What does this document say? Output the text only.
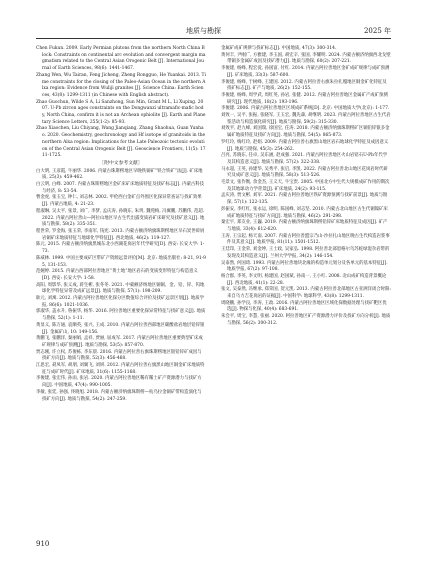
地质与勘探	2025 年

Chen Fukun. 2009. Early Permian plutons from the northern North China Block: Constraints on continental arc evolution and convergent margin magmatism related to the Central Asian Orogenic Belt [J]. International Journal of Earth Sciences, 98(6): 1441-1467.

Zhang Wen, Wu Tairan, Feng Jicheng, Zheng Rongguo, He Yuankai. 2013. Time constraints for the closing of the Paleo-Asian Ocean in the northern Alxa region: Evidence from Wuliji granites [J]. Science China: Earth Sciences, 43(8): 1299-1311 (in Chinese with English abstract).

Zhao Guochun, Wilde S A, Li Sanzhong, Sun Min, Grant M L, Li Xuping. 2007. U-Pb zircon ages constraints on the Dongwanzi ultramafic-mafic body, North China, confirm it is not an Archean ophiolite [J]. Earth and Planetary Science Letters, 255(1-2): 85-93.

Zhao Xiaochen, Liu Chiyang, Wang Jianqiang, Zhang Shaohua, Guan Yunhao. 2020. Geochemistry, geochronology and Hf isotope of granitoids in the northern Alxa region: Implications for the Late Paleozoic tectonic evolution of the Central Asian Orogenic Belt [J]. Geoscience Frontiers, 11(5): 1711-1725.

［附中文参考文献］

白大明, 王彦霞, 牛丽华. 2006. 内蒙古珠斯楞地区早晚铁铜矿“铁合铁矿”法[J]. 矿床地质, 25(3): 459-462.

白云明, 白峰. 2007. 内蒙古珠斯楞地区金矿床矿床地质特征及找矿标志[J]. 内蒙古科技与经济, 8: 53-54.

曹金虎, 张玉宝, 钟仁, 刘志林. 2002. 甲伦西白金矿点外围区化探异常查证与找矿效果[J]. 内蒙古地质, 4: 21-23.

程淑琳, 吴太平, 张景, 刘广, 李梦, 孟庆涛, 孙晓东, 朱玥, 魏苑梅, 冯翼鹏, 苏鹏伟, 范超. 2022. 内蒙古阿拉善山—阿拉山地区早古生代出露变质岩矿床研究及找矿意义[J]. 地质与勘探, 58(2): 335-351.

程世荣, 罗金海, 张玉荣, 李南军, 钱宪. 2013. 内蒙古额济纳旗珠斯楞地区早石炭世碎屑岩铜矿床地质特征与地球化学特征[J]. 西北地质, 46(2): 119-127.

陈元, 2015. 内蒙古额济纳旗黑城东北小西湖花岗岩年代学研究[D]. 西安: 长安大学: 1-73.

陈威林. 1999. 中国主要成矿区带矿产资源远景评价[M]. 北京: 地质出版社: 8-21, 91-95, 131-153.

范婉婷. 2015. 内蒙古西部阿拉善地区“黄土地”地区岩石的变质变形特征与构造意义[D]. 西安: 长安大学: 1-58.

高阳, 周影华, 张义成, 蒋生彬, 张冬冬. 2021. 中蒙额济纳地区铜铜、金、铅、锌、钨地球化学特征异常及成矿远景[J]. 地质与勘探, 57(1): 198-209.

耿元, 刘寓. 2012. 内蒙古阿拉善地区化探分区数值综合评价及找矿远景区划[J]. 地质学报, 86(6): 1021-1036.

郭淑华, 盖永升, 鲁振华, 杨华. 2016. 阿拉善地区重要化探异常特征与找矿意义[J]. 地质与勘探, 52(1): 1-11.

黄显义, 陈万通, 袁顺英, 张兴, 王成. 2010. 内蒙古阿拉善西部地区碳酸盐岩地层铅锌银[J]. 金属矿山, 10: 149-156.

黄鹏飞, 张鹏洋, 秦丽娟, 孟祥, 贾丽, 屈成军. 2017. 内蒙古阿拉善地区重要典型矿床成矿规律与成矿预测[J]. 地质与勘探, 53(5): 857-870.

贾志刚, 许立权, 苏俊栋, 李东晨. 2016. 内蒙古阿拉善右旗珠斯楞地区银铅锌矿成因与找矿方向[J]. 地质与勘探, 52(3): 456-468.

江思宏, 聂凤军, 胡朋, 刘翼飞, 刘妍. 2012. 内蒙古阿拉善右旗黑山地区铜金矿床地质特征与成矿时代[J]. 矿床地质, 31(6): 1155-1168.

李俊建, 张宏伟, 孙雨, 张岩. 2020. 内蒙古阿拉善地区稀有稀土矿产资源潜力与找矿方向[J]. 中国地质, 47(4): 990-1005.

李敏, 张廷, 孙强, 佟晓旭. 2018. 内蒙古额济纳旗珠斯楞—杭乌拉金铜矿带构造演化与找矿方向[J]. 地质与勘探, 54(2): 247-259.

金属矿成矿规律与找矿标志[J]. 中国地质, 47(3): 300-314.

黄何丰, 尹刚广, 方雅建, 李玉国, 胡宏辛, 张国, 李耀明. 2024. 内蒙古额济纳旗西北戈壁带铜多金属矿成因及找矿潜力[J]. 地质与勘探, 60(2): 207-221.

李俊建, 杨峰, 程宏爱, 孙国富, 付红. 2014. 内蒙古阿拉善地区金矿成矿规律与成矿预测[J]. 矿床地质, 33(3): 587-600.

李俊建, 杨峰, 于树峰, 王建国. 2012. 内蒙古阿拉善右旗朱拉扎嘎地区铜金矿化特征及找矿标志[J]. 矿产与地质, 26(2): 152-155.

李俊建, 杨峰, 周学武, 周红英, 孙岩, 张健. 2012. 内蒙古阿拉善地区金属矿产成矿预测研究[J]. 现代地质, 18(2): 193-196.

李俊建. 2006. 内蒙古阿拉善地区区域成矿系统[D]. 北京: 中国地质大学(北京): 1-177.

刘致一, 吴平, 张振, 张晓军, 王玉宏, 魏先森, 胡继明. 2023. 内蒙古阿拉善地区古生代岩浆活动与构造演化研究[J]. 地质与勘探, 59(2): 315-330.

刘致平, 赵九峰, 刘国瑞, 徐国宝, 任涛. 2018. 内蒙古额济纳旗珠斯楞矿区铜铅锌银多金属矿地质特征及找矿方向[J]. 地质与勘探, 54(5): 865-873.

罗红玲, 梅红玲, 赵娟. 2009. 内蒙古阿拉善右旗黑山地区岩石地球化学特征及成因意义[J]. 地质与勘探, 45(3): 254-262.

吕亮, 苏晓东, 任卓, 吴东涵, 赵成强. 2021. 内蒙古阿拉善地区火山岩锆石U-Pb年代学及其构造意义[J]. 地质与勘探, 57(2): 322-338.

马永超, 王英, 孙建华, 吴秀平, 张启, 李凯. 2022. 内蒙古阿拉善北山地区花岗岩时代研究及成矿意义[J]. 地质与勘探, 58(3): 513-526.

毛景文, 张作衡, 余金杰, 王义天, 牛宝贵. 2005. 中国北方中生代大规模成矿作用的期次及其地球动力学背景[J]. 矿床地质, 24(2): 93-115.

孟庆涛, 贾文彬, 刘军. 2021. 内蒙古阿拉善地区铁矿资源预测与找矿前景[J]. 地质与勘探, 57(1): 122-135.

彭振安, 李红红, 张永运, 徐明, 陈国峰, 刘志坚. 2010. 内蒙古北山地区古生代铜镍矿床成矿地质特征与找矿方向[J]. 地质与勘探, 46(2): 291-298.

秦宏宇, 郑友业, 王巍. 2019. 内蒙古额济纳旗珠斯楞铅锌矿床地质特征及成因[J]. 矿产与地质, 33(4): 612-620.

王涛, 王宗起, 杨天南. 2007. 内蒙古阿拉善盟宗乃山-沙拉扎山地区晚古生代构造岩浆事件及其意义[J]. 地质学报, 81(11): 1501-1512.

王廷印, 王金荣, 刘金坤, 王士政, 吴家弘. 1998. 阿拉善北部恩格尔乌苏蛇绿混杂岩带的发现及其构造意义[J]. 兰州大学学报, 34(2): 146-154.

吴泰然, 何国琦. 1993. 内蒙古阿拉善地块北缘的构造单元划分及各单元的基本特征[J]. 地质学报, 67(2): 97-108.

杨合群, 李英, 李文明, 杨建国, 赵国斌, 孙南一, 王小红. 2008. 北山成矿构造背景概论[J]. 西北地质, 41(1): 22-28.

张文, 吴泰然, 冯继承, 郑荣国, 贺元凯. 2013. 内蒙古阿拉善北部地区古亚洲洋闭合时限: 来自乌力吉花岗岩的证据[J]. 中国科学: 地球科学, 43(8): 1299-1311.

周晓鹏, 孙学良, 李涛, 王政. 2016. 内蒙古阿拉善地区区域化探数据处理与找矿靶区优选[J]. 物探与化探, 40(4): 683-691.

朱会平, 周宝, 李慧, 张丽. 2020. 阿拉善地区矿产资源潜力评价及找矿方向分析[J]. 地质与勘探, 56(2): 300-312.

910
